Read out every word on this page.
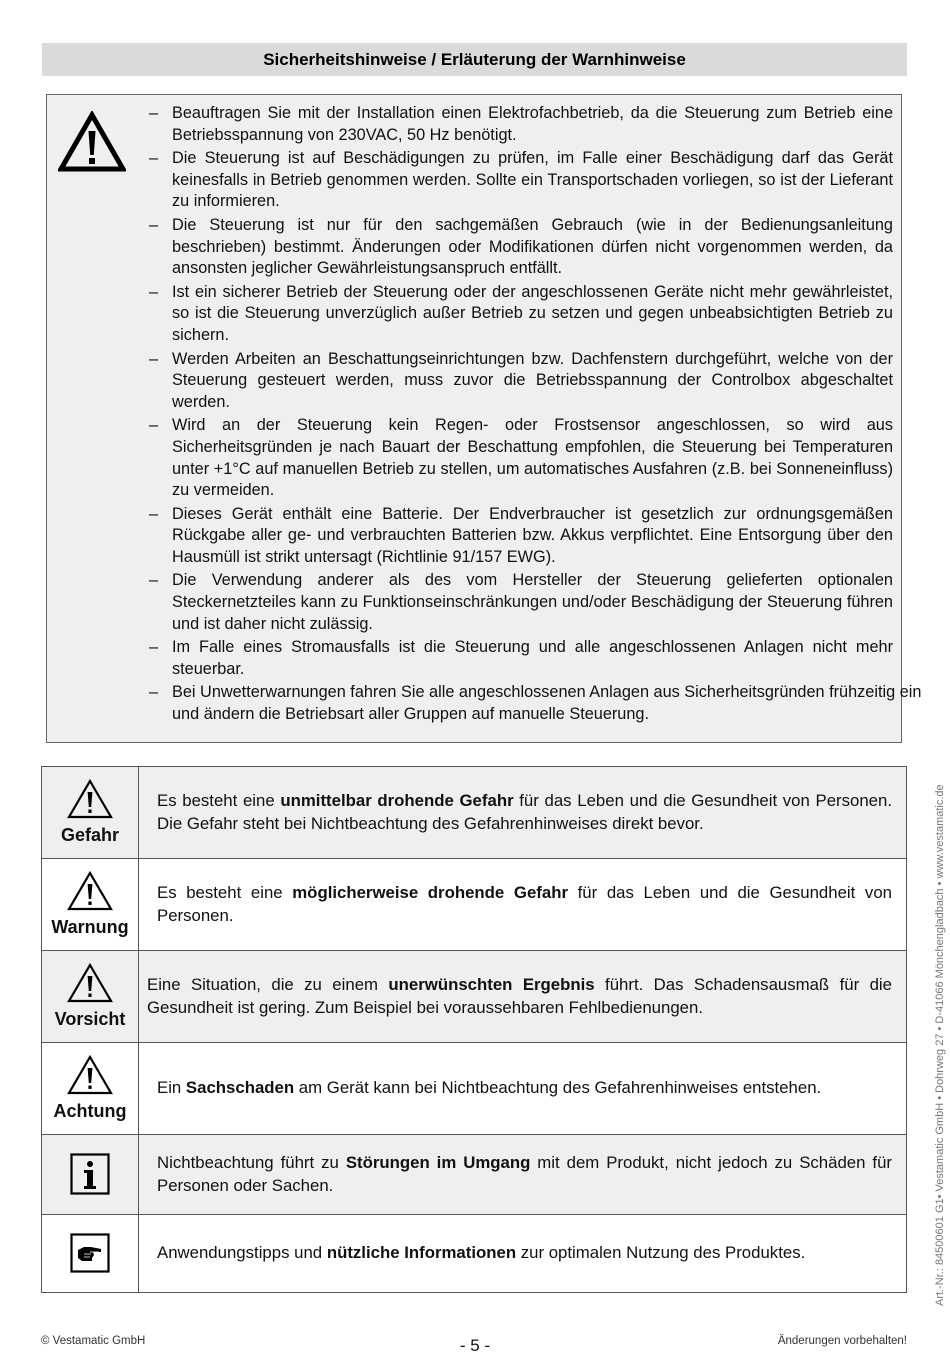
Sicherheitshinweise / Erläuterung der Warnhinweise
– Beauftragen Sie mit der Installation einen Elektrofachbetrieb, da die Steuerung zum Betrieb eine Betriebsspannung von 230VAC, 50 Hz benötigt.
– Die Steuerung ist auf Beschädigungen zu prüfen, im Falle einer Beschädigung darf das Gerät keinesfalls in Betrieb genommen werden. Sollte ein Transportschaden vorliegen, so ist der Lieferant zu informieren.
– Die Steuerung ist nur für den sachgemäßen Gebrauch (wie in der Bedienungsanleitung beschrieben) bestimmt. Änderungen oder Modifikationen dürfen nicht vorgenommen werden, da ansonsten jeglicher Gewährleistungsanspruch entfällt.
– Ist ein sicherer Betrieb der Steuerung oder der angeschlossenen Geräte nicht mehr gewährleistet, so ist die Steuerung unverzüglich außer Betrieb zu setzen und gegen unbeabsichtigten Betrieb zu sichern.
– Werden Arbeiten an Beschattungseinrichtungen bzw. Dachfenstern durchgeführt, welche von der Steuerung gesteuert werden, muss zuvor die Betriebsspannung der Controlbox abgeschaltet werden.
– Wird an der Steuerung kein Regen- oder Frostsensor angeschlossen, so wird aus Sicherheitsgründen je nach Bauart der Beschattung empfohlen, die Steuerung bei Temperaturen unter +1°C auf manuellen Betrieb zu stellen, um automatisches Ausfahren (z.B. bei Sonneneinfluss) zu vermeiden.
– Dieses Gerät enthält eine Batterie. Der Endverbraucher ist gesetzlich zur ordnungsgemäßen Rückgabe aller ge- und verbrauchten Batterien bzw. Akkus verpflichtet. Eine Entsorgung über den Hausmüll ist strikt untersagt (Richtlinie 91/157 EWG).
– Die Verwendung anderer als des vom Hersteller der Steuerung gelieferten optionalen Steckernetzteiles kann zu Funktionseinschränkungen und/oder Beschädigung der Steuerung führen und ist daher nicht zulässig.
– Im Falle eines Stromausfalls ist die Steuerung und alle angeschlossenen Anlagen nicht mehr steuerbar.
– Bei Unwetterwarnungen fahren Sie alle angeschlossenen Anlagen aus Sicherheitsgründen frühzeitig ein und ändern die Betriebsart aller Gruppen auf manuelle Steuerung.
Gefahr
Es besteht eine unmittelbar drohende Gefahr für das Leben und die Gesundheit von Personen. Die Gefahr steht bei Nichtbeachtung des Gefahrenhinweises direkt bevor.
Warnung
Es besteht eine möglicherweise drohende Gefahr für das Leben und die Gesundheit von Personen.
Vorsicht
Eine Situation, die zu einem unerwünschten Ergebnis führt. Das Schadensausmaß für die Gesundheit ist gering. Zum Beispiel bei voraussehbaren Fehlbedienungen.
Achtung
Ein Sachschaden am Gerät kann bei Nichtbeachtung des Gefahrenhinweises entstehen.
Nichtbeachtung führt zu Störungen im Umgang mit dem Produkt, nicht jedoch zu Schäden für Personen oder Sachen.
Anwendungstipps und nützliche Informationen zur optimalen Nutzung des Produktes.	Art.-Nr.: 84500601 G1• Vestamatic GmbH • Dohrweg 27 • D-41066 Mönchengladbach • www.vestamatic.de
© Vestamatic GmbH	- 5 -	Änderungen vorbehalten!
